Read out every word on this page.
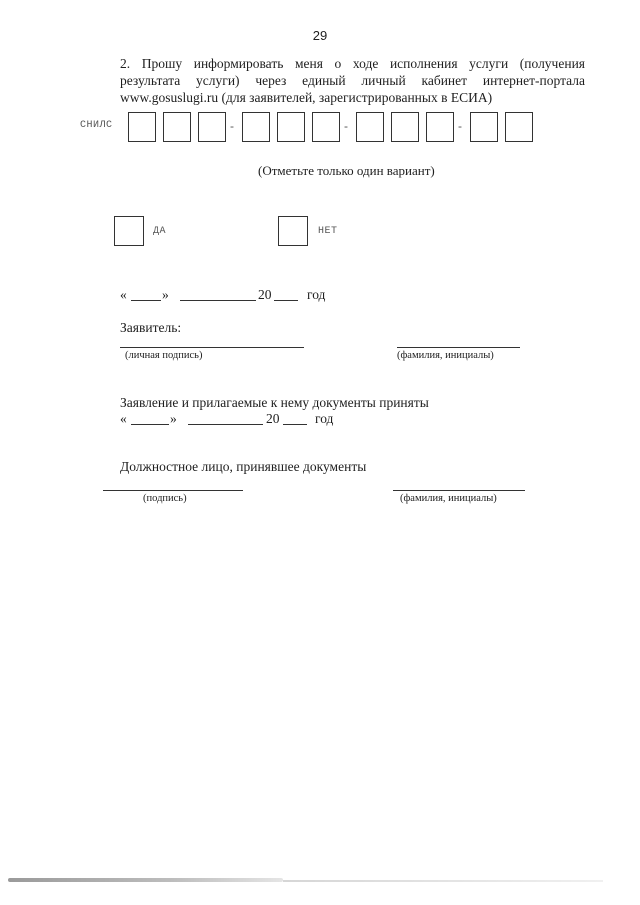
29
2. Прошу информировать меня о ходе исполнения услуги (получения
результата услуги) через единый личный кабинет интернет-портала
www.gosuslugi.ru (для заявителей, зарегистрированных в ЕСИА)
СНИЛС	-	-	-
(Отметьте только один вариант)
ДА	НЕТ
«	»	20	год
Заявитель:
(личная подпись)	(фамилия, инициалы)
Заявление и прилагаемые к нему документы приняты
«	»	20	год
Должностное лицо, принявшее документы
(подпись)	(фамилия, инициалы)
